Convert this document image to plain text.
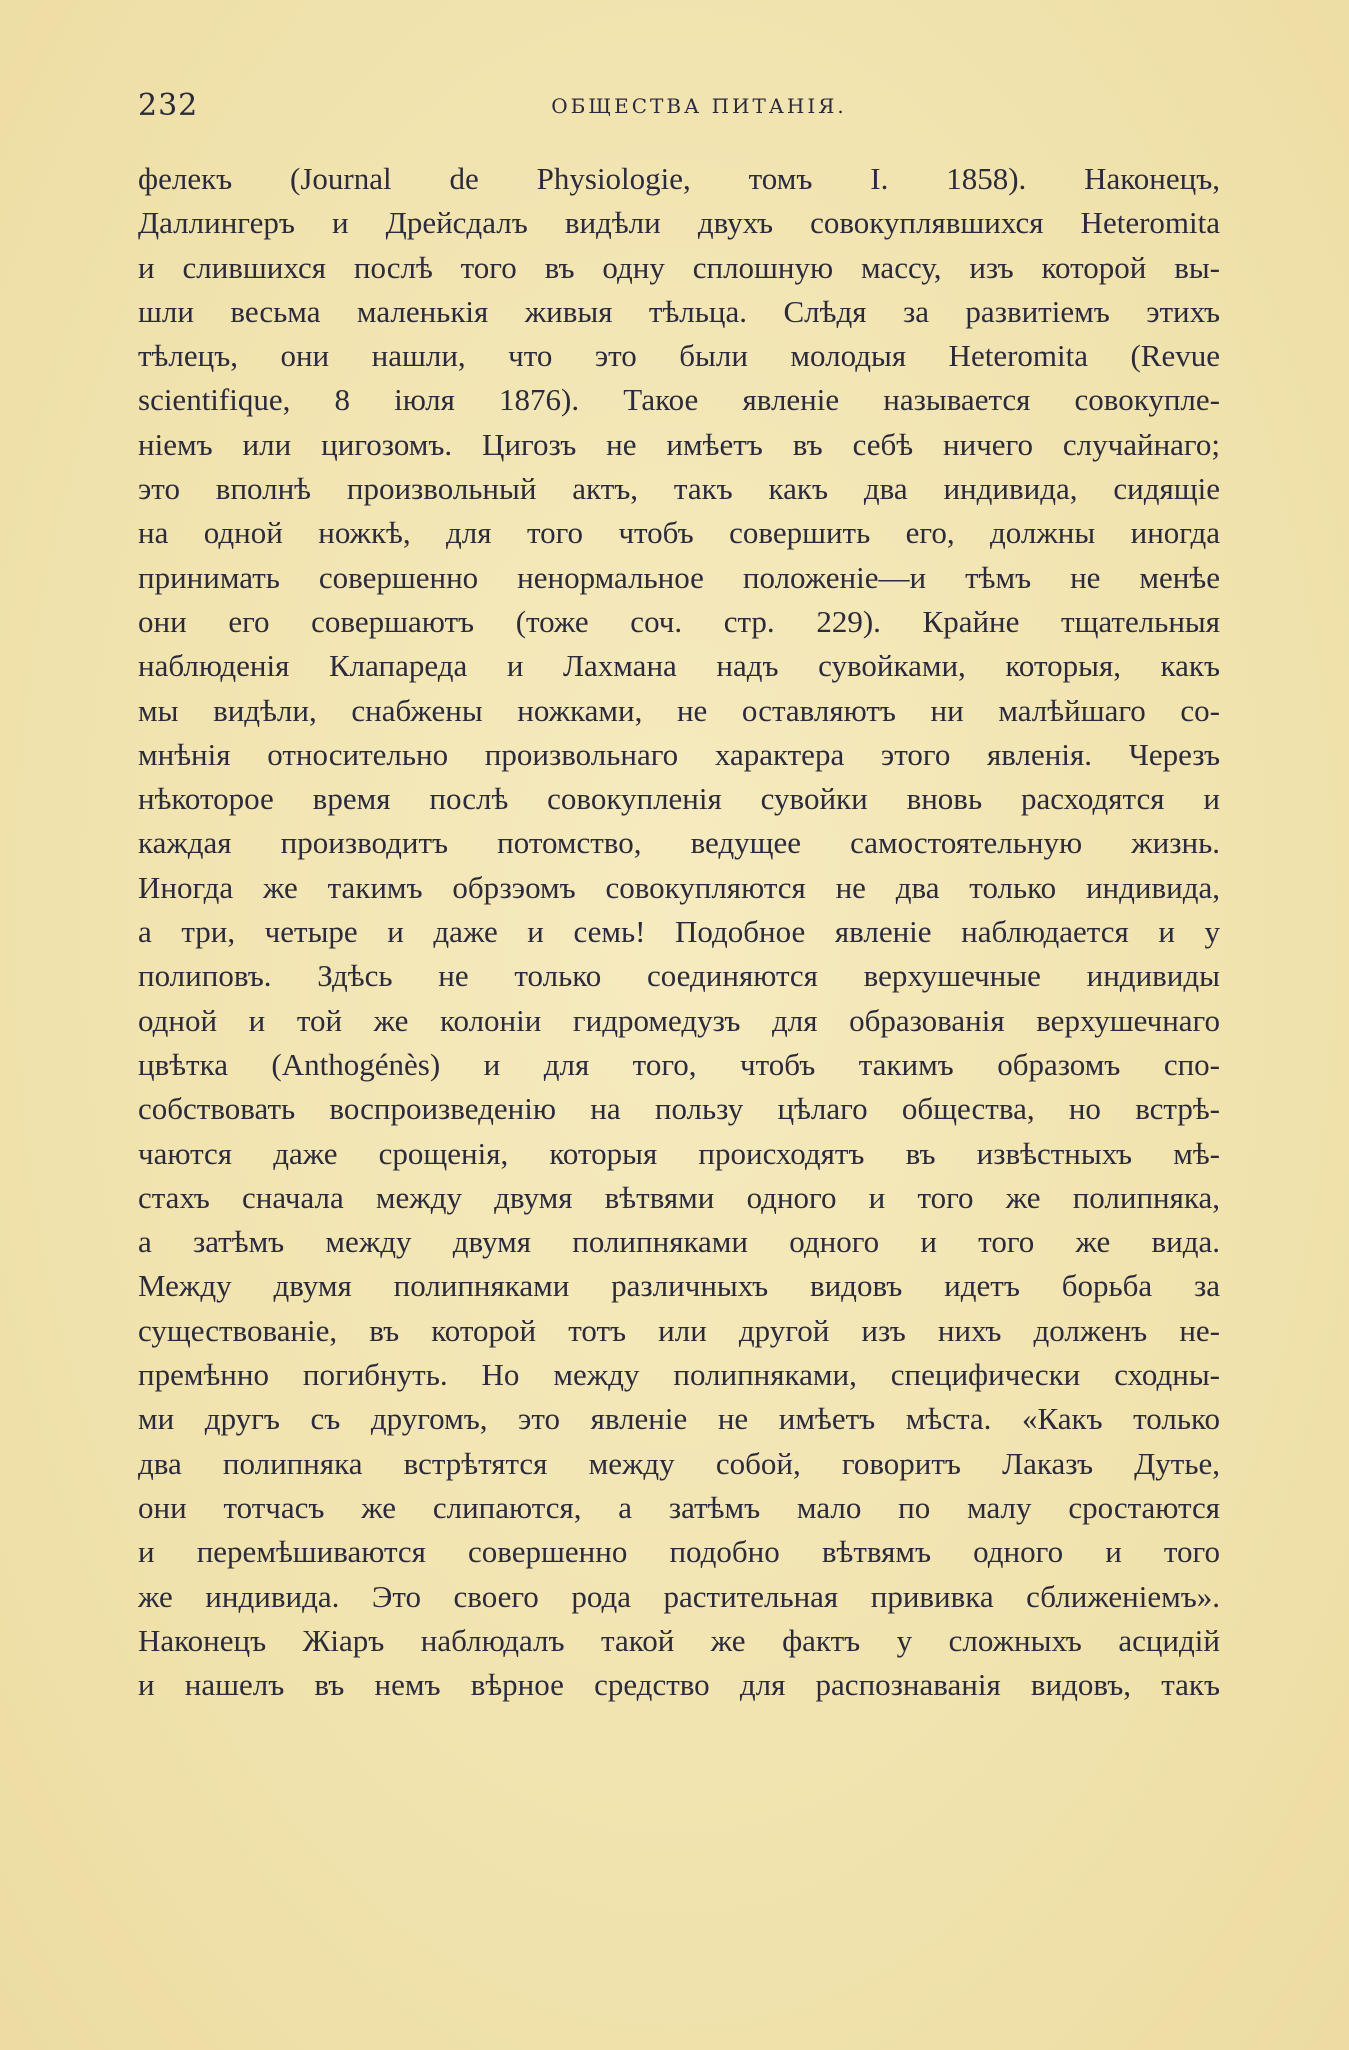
232	ОБЩЕСТВА ПИТАНІЯ.
фелекъ (Journal de Physiologie, томъ I. 1858). Наконецъ,
Даллингеръ и Дрейсдалъ видѣли двухъ совокуплявшихся Heteromita
и слившихся послѣ того въ одну сплошную массу, изъ которой вы-
шли весьма маленькія живыя тѣльца. Слѣдя за развитіемъ этихъ
тѣлецъ, они нашли, что это были молодыя Heteromita (Revue
scientifique, 8 іюля 1876). Такое явленіе называется совокупле-
ніемъ или цигозомъ. Цигозъ не имѣетъ въ себѣ ничего случайнаго;
это вполнѣ произвольный актъ, такъ какъ два индивида, сидящіе
на одной ножкѣ, для того чтобъ совершить его, должны иногда
принимать совершенно ненормальное положеніе—и тѣмъ не менѣе
они его совершаютъ (тоже соч. стр. 229). Крайне тщательныя
наблюденія Клапареда и Лахмана надъ сувойками, которыя, какъ
мы видѣли, снабжены ножками, не оставляютъ ни малѣйшаго со-
мнѣнія относительно произвольнаго характера этого явленія. Черезъ
нѣкоторое время послѣ совокупленія сувойки вновь расходятся и
каждая производитъ потомство, ведущее самостоятельную жизнь.
Иногда же такимъ обрзэомъ совокупляются не два только индивида,
а три, четыре и даже и семь! Подобное явленіе наблюдается и у
полиповъ. Здѣсь не только соединяются верхушечные индивиды
одной и той же колоніи гидромедузъ для образованія верхушечнаго
цвѣтка (Anthogénès) и для того, чтобъ такимъ образомъ спо-
собствовать воспроизведенію на пользу цѣлаго общества, но встрѣ-
чаются даже срощенія, которыя происходятъ въ извѣстныхъ мѣ-
стахъ сначала между двумя вѣтвями одного и того же полипняка,
а затѣмъ между двумя полипняками одного и того же вида.
Между двумя полипняками различныхъ видовъ идетъ борьба за
существованіе, въ которой тотъ или другой изъ нихъ долженъ не-
премѣнно погибнуть. Но между полипняками, специфически сходны-
ми другъ съ другомъ, это явленіе не имѣетъ мѣста. «Какъ только
два полипняка встрѣтятся между собой, говоритъ Лаказъ Дутье,
они тотчасъ же слипаются, а затѣмъ мало по малу сростаются
и перемѣшиваются совершенно подобно вѣтвямъ одного и того
же индивида. Это своего рода растительная прививка сближеніемъ».
Наконецъ Жіаръ наблюдалъ такой же фактъ у сложныхъ асцидій
и нашелъ въ немъ вѣрное средство для распознаванія видовъ, такъ
